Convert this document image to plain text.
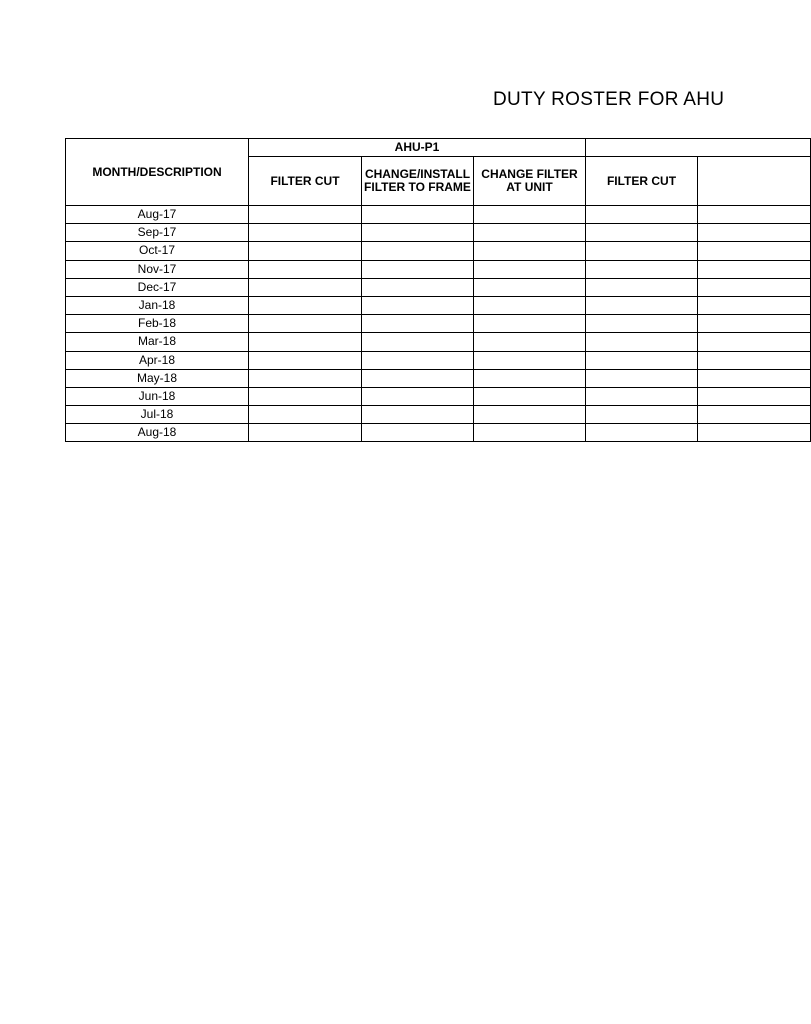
DUTY ROSTER FOR AHU
MONTH/DESCRIPTION	AHU-P1				
	FILTER CUT	CHANGE/INSTALL FILTER TO FRAME	CHANGE FILTER AT UNIT	FILTER CUT	
Aug-17					
Sep-17					
Oct-17					
Nov-17					
Dec-17					
Jan-18					
Feb-18					
Mar-18					
Apr-18					
May-18					
Jun-18					
Jul-18					
Aug-18					
